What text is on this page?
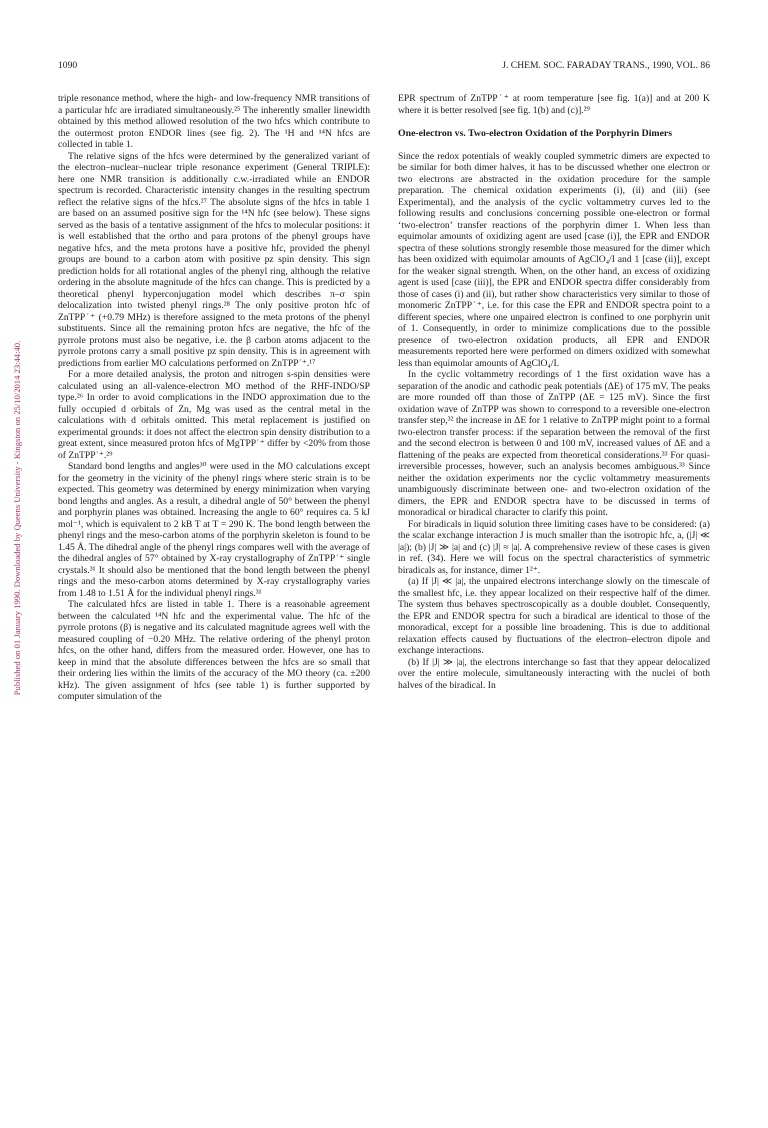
1090	J. CHEM. SOC. FARADAY TRANS., 1990, VOL. 86
Published on 01 January 1990. Downloaded by Queens University - Kingston on 25/10/2014 23:44:40.

triple resonance method, where the high- and low-frequency NMR transitions of a particular hfc are irradiated simultaneously.²⁵ The inherently smaller linewidth obtained by this method allowed resolution of the two hfcs which contribute to the outermost proton ENDOR lines (see fig. 2). The ¹H and ¹⁴N hfcs are collected in table 1.

The relative signs of the hfcs were determined by the generalized variant of the electron–nuclear–nuclear triple resonance experiment (General TRIPLE): here one NMR transition is additionally c.w.-irradiated while an ENDOR spectrum is recorded. Characteristic intensity changes in the resulting spectrum reflect the relative signs of the hfcs.²⁷ The absolute signs of the hfcs in table 1 are based on an assumed positive sign for the ¹⁴N hfc (see below). These signs served as the basis of a tentative assignment of the hfcs to molecular positions: it is well established that the ortho and para protons of the phenyl groups have negative hfcs, and the meta protons have a positive hfc, provided the phenyl groups are bound to a carbon atom with positive pz spin density. This sign prediction holds for all rotational angles of the phenyl ring, although the relative ordering in the absolute magnitude of the hfcs can change. This is predicted by a theoretical phenyl hyperconjugation model which describes π–σ spin delocalization into twisted phenyl rings.²⁸ The only positive proton hfc of ZnTPP˙⁺ (+0.79 MHz) is therefore assigned to the meta protons of the phenyl substituents. Since all the remaining proton hfcs are negative, the hfc of the pyrrole protons must also be negative, i.e. the β carbon atoms adjacent to the pyrrole protons carry a small positive pz spin density. This is in agreement with predictions from earlier MO calculations performed on ZnTPP˙⁺.¹⁷

For a more detailed analysis, the proton and nitrogen s-spin densities were calculated using an all-valence-electron MO method of the RHF-INDO/SP type.²⁶ In order to avoid complications in the INDO approximation due to the fully occupied d orbitals of Zn, Mg was used as the central metal in the calculations with d orbitals omitted. This metal replacement is justified on experimental grounds: it does not affect the electron spin density distribution to a great extent, since measured proton hfcs of MgTPP˙⁺ differ by <20% from those of ZnTPP˙⁺.²⁹

Standard bond lengths and angles³⁰ were used in the MO calculations except for the geometry in the vicinity of the phenyl rings where steric strain is to be expected. This geometry was determined by energy minimization when varying bond lengths and angles. As a result, a dihedral angle of 50° between the phenyl and porphyrin planes was obtained. Increasing the angle to 60° requires ca. 5 kJ mol⁻¹, which is equivalent to 2 kB T at T = 290 K. The bond length between the phenyl rings and the meso-carbon atoms of the porphyrin skeleton is found to be 1.45 Å. The dihedral angle of the phenyl rings compares well with the average of the dihedral angles of 57° obtained by X-ray crystallography of ZnTPP˙⁺ single crystals.³¹ It should also be mentioned that the bond length between the phenyl rings and the meso-carbon atoms determined by X-ray crystallography varies from 1.48 to 1.51 Å for the individual phenyl rings.³¹

The calculated hfcs are listed in table 1. There is a reasonable agreement between the calculated ¹⁴N hfc and the experimental value. The hfc of the pyrrole protons (β) is negative and its calculated magnitude agrees well with the measured coupling of −0.20 MHz. The relative ordering of the phenyl proton hfcs, on the other hand, differs from the measured order. However, one has to keep in mind that the absolute differences between the hfcs are so small that their ordering lies within the limits of the accuracy of the MO theory (ca. ±200 kHz). The given assignment of hfcs (see table 1) is further supported by computer simulation of the

EPR spectrum of ZnTPP˙⁺ at room temperature [see fig. 1(a)] and at 200 K where it is better resolved [see fig. 1(b) and (c)].²⁹

One-electron vs. Two-electron Oxidation of the Porphyrin Dimers

Since the redox potentials of weakly coupled symmetric dimers are expected to be similar for both dimer halves, it has to be discussed whether one electron or two electrons are abstracted in the oxidation procedure for the sample preparation. The chemical oxidation experiments (i), (ii) and (iii) (see Experimental), and the analysis of the cyclic voltammetry curves led to the following results and conclusions concerning possible one-electron or formal ‘two-electron’ transfer reactions of the porphyrin dimer 1. When less than equimolar amounts of oxidizing agent are used [case (i)], the EPR and ENDOR spectra of these solutions strongly resemble those measured for the dimer which has been oxidized with equimolar amounts of AgClO₄/I and 1 [case (ii)], except for the weaker signal strength. When, on the other hand, an excess of oxidizing agent is used [case (iii)], the EPR and ENDOR spectra differ considerably from those of cases (i) and (ii), but rather show characteristics very similar to those of monomeric ZnTPP˙⁺, i.e. for this case the EPR and ENDOR spectra point to a different species, where one unpaired electron is confined to one porphyrin unit of 1. Consequently, in order to minimize complications due to the possible presence of two-electron oxidation products, all EPR and ENDOR measurements reported here were performed on dimers oxidized with somewhat less than equimolar amounts of AgClO₄/I.

In the cyclic voltammetry recordings of 1 the first oxidation wave has a separation of the anodic and cathodic peak potentials (ΔE) of 175 mV. The peaks are more rounded off than those of ZnTPP (ΔE = 125 mV). Since the first oxidation wave of ZnTPP was shown to correspond to a reversible one-electron transfer step,³² the increase in ΔE for 1 relative to ZnTPP might point to a formal two-electron transfer process: if the separation between the removal of the first and the second electron is between 0 and 100 mV, increased values of ΔE and a flattening of the peaks are expected from theoretical considerations.³³ For quasi-irreversible processes, however, such an analysis becomes ambiguous.³³ Since neither the oxidation experiments nor the cyclic voltammetry measurements unambiguously discriminate between one- and two-electron oxidation of the dimers, the EPR and ENDOR spectra have to be discussed in terms of monoradical or biradical character to clarify this point.

For biradicals in liquid solution three limiting cases have to be considered: (a) the scalar exchange interaction J is much smaller than the isotropic hfc, a, (|J| ≪ |a|); (b) |J| ≫ |a| and (c) |J| ≈ |a|. A comprehensive review of these cases is given in ref. (34). Here we will focus on the spectral characteristics of symmetric biradicals as, for instance, dimer 1²⁺.

(a) If |J| ≪ |a|, the unpaired electrons interchange slowly on the timescale of the smallest hfc, i.e. they appear localized on their respective half of the dimer. The system thus behaves spectroscopically as a double doublet. Consequently, the EPR and ENDOR spectra for such a biradical are identical to those of the monoradical, except for a possible line broadening. This is due to additional relaxation effects caused by fluctuations of the electron–electron dipole and exchange interactions.

(b) If |J| ≫ |a|, the electrons interchange so fast that they appear delocalized over the entire molecule, simultaneously interacting with the nuclei of both halves of the biradical. In
